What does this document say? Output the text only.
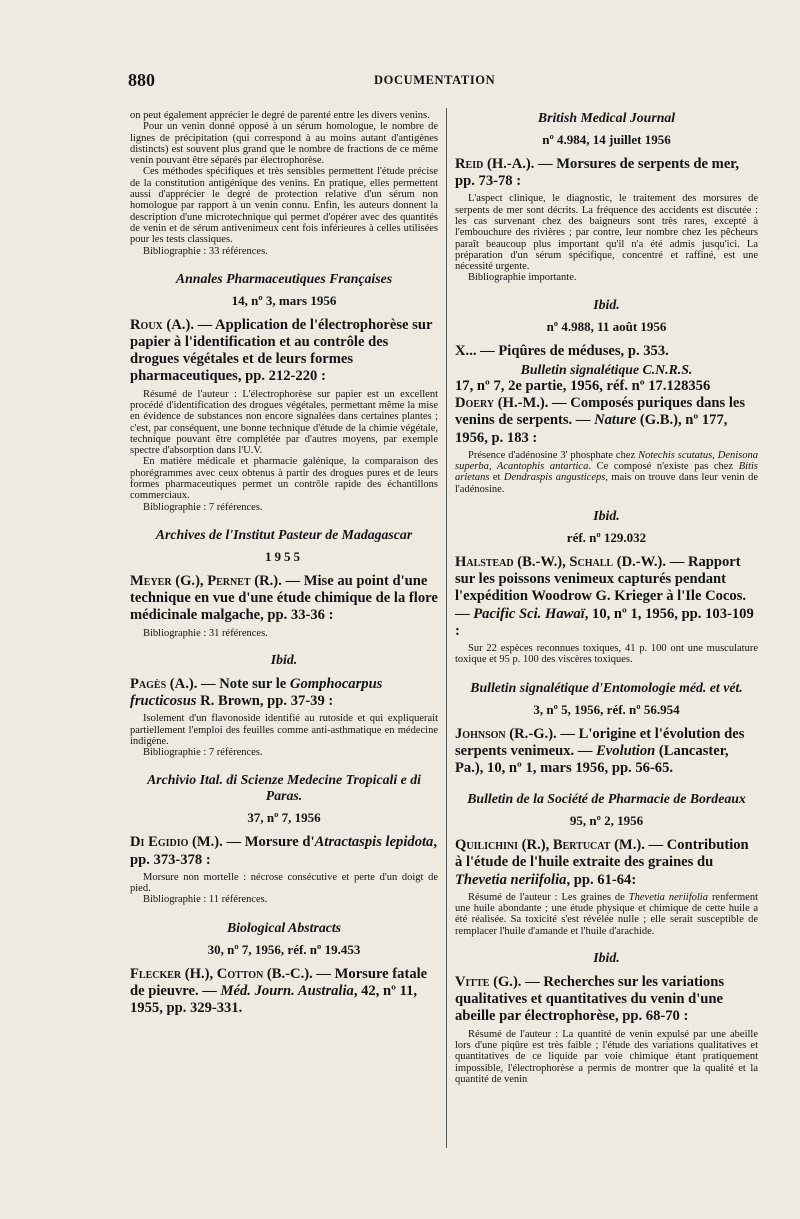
880	DOCUMENTATION

on peut également apprécier le degré de parenté entre les divers venins.

Pour un venin donné opposé à un sérum homologue, le nombre de lignes de précipitation (qui correspond à au moins autant d'antigènes distincts) est souvent plus grand que le nombre de fractions de ce même venin pouvant être séparés par électrophorèse.

Ces méthodes spécifiques et très sensibles permettent l'étude précise de la constitution antigénique des venins. En pratique, elles permettent aussi d'apprécier le degré de protection relative d'un sérum non homologue par rapport à un venin connu. Enfin, les auteurs donnent la description d'une microtechnique qui permet d'opérer avec des quantités de venin et de sérum antivenimeux cent fois inférieures à celles utilisées pour les tests classiques.

Bibliographie : 33 références.

Annales Pharmaceutiques Françaises

14, nº 3, mars 1956

Roux (A.). — Application de l'électrophorèse sur papier à l'identification et au contrôle des drogues végétales et de leurs formes pharmaceutiques, pp. 212-220 :

Résumé de l'auteur : L'électrophorèse sur papier est un excellent procédé d'identification des drogues végétales, permettant même la mise en évidence de substances non encore signalées dans certaines plantes ; c'est, par conséquent, une bonne technique d'étude de la chimie végétale, technique pouvant être complétée par d'autres moyens, par exemple spectre d'absorption dans l'U.V.

En matière médicale et pharmacie galénique, la comparaison des phorégrammes avec ceux obtenus à partir des drogues pures et de leurs formes pharmaceutiques permet un contrôle rapide des échantillons commerciaux.

Bibliographie : 7 références.

Archives de l'Institut Pasteur de Madagascar

1955

Meyer (G.), Pernet (R.). — Mise au point d'une technique en vue d'une étude chimique de la flore médicinale malgache, pp. 33-36 :

Bibliographie : 31 références.

Ibid.

Pagès (A.). — Note sur le Gomphocarpus fructicosus R. Brown, pp. 37-39 :

Isolement d'un flavonoside identifié au rutoside et qui expliquerait partiellement l'emploi des feuilles comme anti-asthmatique en médecine indigène.

Bibliographie : 7 références.

Archivio Ital. di Scienze Medecine Tropicali e di Paras.

37, nº 7, 1956

Di Egidio (M.). — Morsure d'Atractaspis lepidota, pp. 373-378 :

Morsure non mortelle : nécrose consécutive et perte d'un doigt de pied.

Bibliographie : 11 références.

Biological Abstracts

30, nº 7, 1956, réf. nº 19.453

Flecker (H.), Cotton (B.-C.). — Morsure fatale de pieuvre. — Méd. Journ. Australia, 42, nº 11, 1955, pp. 329-331.

British Medical Journal

nº 4.984, 14 juillet 1956

Reid (H.-A.). — Morsures de serpents de mer, pp. 73-78 :

L'aspect clinique, le diagnostic, le traitement des morsures de serpents de mer sont décrits. La fréquence des accidents est discutée : les cas survenant chez des baigneurs sont très rares, excepté à l'embouchure des rivières ; par contre, leur nombre chez les pêcheurs paraît beaucoup plus important qu'il n'a été admis jusqu'ici. La préparation d'un sérum spécifique, concentré et raffiné, est une nécessité urgente.

Bibliographie importante.

Ibid.

nº 4.988, 11 août 1956

X... — Piqûres de méduses, p. 353.

Bulletin signalétique C.N.R.S.

17, nº 7, 2e partie, 1956, réf. nº 17.128356

Doery (H.-M.). — Composés puriques dans les venins de serpents. — Nature (G.B.), nº 177, 1956, p. 183 :

Présence d'adénosine 3' phosphate chez Notechis scutatus, Denisona superba, Acantophis antartica. Ce composé n'existe pas chez Bitis arietans et Dendraspis angusticeps, mais on trouve dans leur venin de l'adénosine.

Ibid.

réf. nº 129.032

Halstead (B.-W.), Schall (D.-W.). — Rapport sur les poissons venimeux capturés pendant l'expédition Woodrow G. Krieger à l'Ile Cocos. — Pacific Sci. Hawaï, 10, nº 1, 1956, pp. 103-109 :

Sur 22 espèces reconnues toxiques, 41 p. 100 ont une musculature toxique et 95 p. 100 des viscères toxiques.

Bulletin signalétique d'Entomologie méd. et vét.

3, nº 5, 1956, réf. nº 56.954

Johnson (R.-G.). — L'origine et l'évolution des serpents venimeux. — Evolution (Lancaster, Pa.), 10, nº 1, mars 1956, pp. 56-65.

Bulletin de la Société de Pharmacie de Bordeaux

95, nº 2, 1956

Quilichini (R.), Bertucat (M.). — Contribution à l'étude de l'huile extraite des graines du Thevetia neriifolia, pp. 61-64:

Résumé de l'auteur : Les graines de Thevetia neriifolia renferment une huile abondante ; une étude physique et chimique de cette huile a été réalisée. Sa toxicité s'est révélée nulle ; elle serait susceptible de remplacer l'huile d'amande et l'huile d'arachide.

Ibid.

Vitte (G.). — Recherches sur les variations qualitatives et quantitatives du venin d'une abeille par électrophorèse, pp. 68-70 :

Résumé de l'auteur : La quantité de venin expulsé par une abeille lors d'une piqûre est très faible ; l'étude des variations qualitatives et quantitatives de ce liquide par voie chimique étant pratiquement impossible, l'électrophorèse a permis de montrer que la qualité et la quantité de venin
